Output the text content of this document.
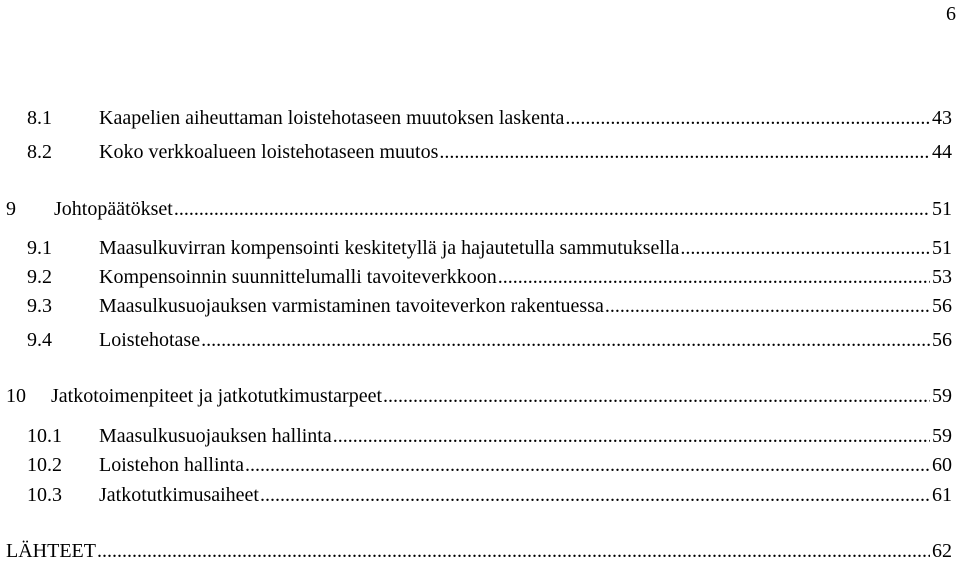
6
8.1	Kaapelien aiheuttaman loistehotaseen muutoksen laskenta .....	43
8.2	Koko verkkoalueen loistehotaseen muutos .....	44
9	Johtopäätökset .....	51
9.1	Maasulkuvirran kompensointi keskitetyllä ja hajautetulla sammutuksella .....	51
9.2	Kompensoinnin suunnittelumalli tavoiteverkkoon .....	53
9.3	Maasulkusuojauksen varmistaminen tavoiteverkon rakentuessa .....	56
9.4	Loistehotase .....	56
10	Jatkotoimenpiteet ja jatkotutkimustarpeet .....	59
10.1	Maasulkusuojauksen hallinta .....	59
10.2	Loistehon hallinta .....	60
10.3	Jatkotutkimusaiheet .....	61
LÄHTEET .....	62
